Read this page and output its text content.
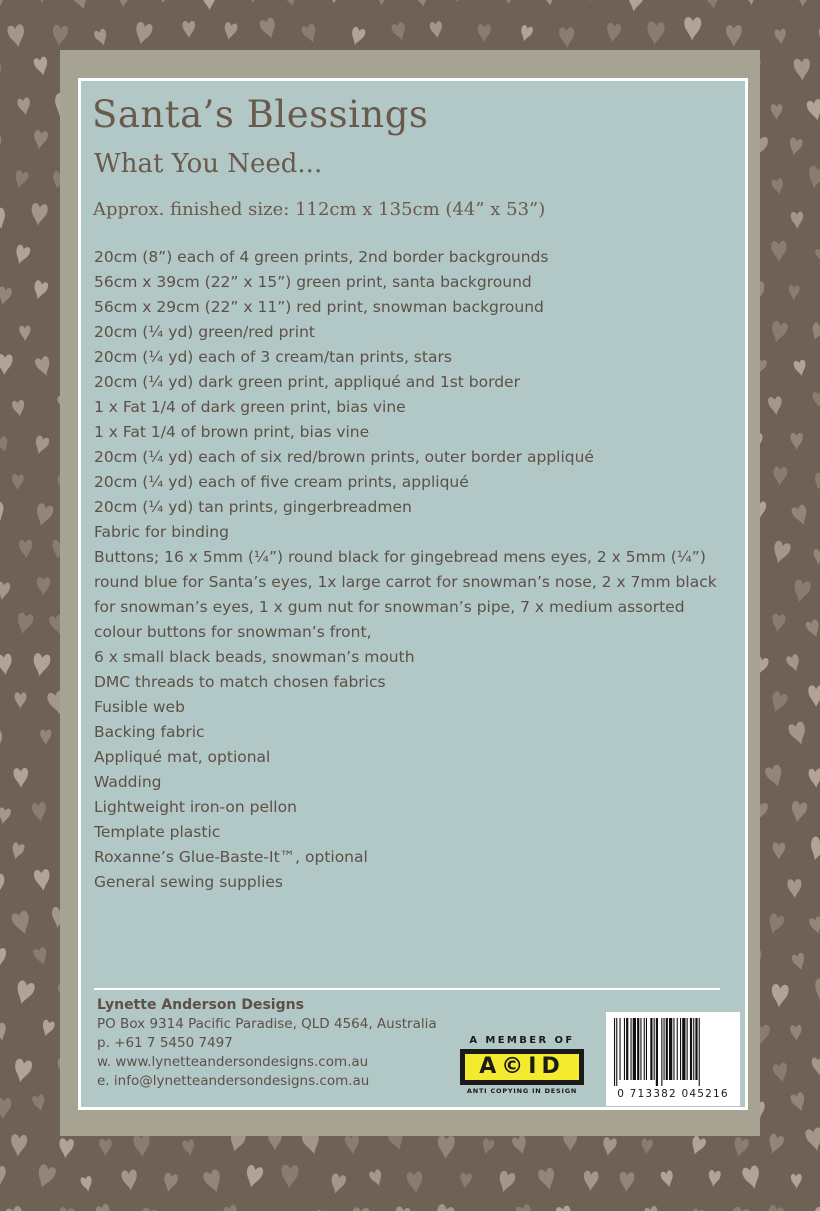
Santa’s Blessings
What You Need...
Approx. finished size: 112cm x 135cm (44” x 53”)
20cm (8”) each of 4 green prints, 2nd border backgrounds
56cm x 39cm (22” x 15”) green print, santa background
56cm x 29cm (22” x 11”) red print, snowman background
20cm (¼ yd) green/red print
20cm (¼ yd) each of 3 cream/tan prints, stars
20cm (¼ yd) dark green print, appliqué and 1st border
1 x Fat 1/4 of dark green print, bias vine
1 x Fat 1/4 of brown print, bias vine
20cm (¼ yd) each of six red/brown prints, outer border appliqué
20cm (¼ yd) each of five cream prints, appliqué
20cm (¼ yd) tan prints, gingerbreadmen
Fabric for binding
Buttons; 16 x 5mm (¼”) round black for gingebread mens eyes, 2 x 5mm (¼”) round blue for Santa’s eyes, 1x large carrot for snowman’s nose, 2 x 7mm black for snowman’s eyes, 1 x gum nut for snowman’s pipe, 7 x medium assorted colour buttons for snowman’s front,
6 x small black beads, snowman’s mouth
DMC threads to match chosen fabrics
Fusible web
Backing fabric
Appliqué mat, optional
Wadding
Lightweight iron-on pellon
Template plastic
Roxanne’s Glue-Baste-It™, optional
General sewing supplies
Lynette Anderson Designs
PO Box 9314 Pacific Paradise, QLD 4564, Australia
p. +61 7 5450 7497
w. www.lynetteandersondesigns.com.au
e. info@lynetteandersondesigns.com.au
A MEMBER OF
A©ID
ANTI COPYING IN DESIGN	0 713382 045216
